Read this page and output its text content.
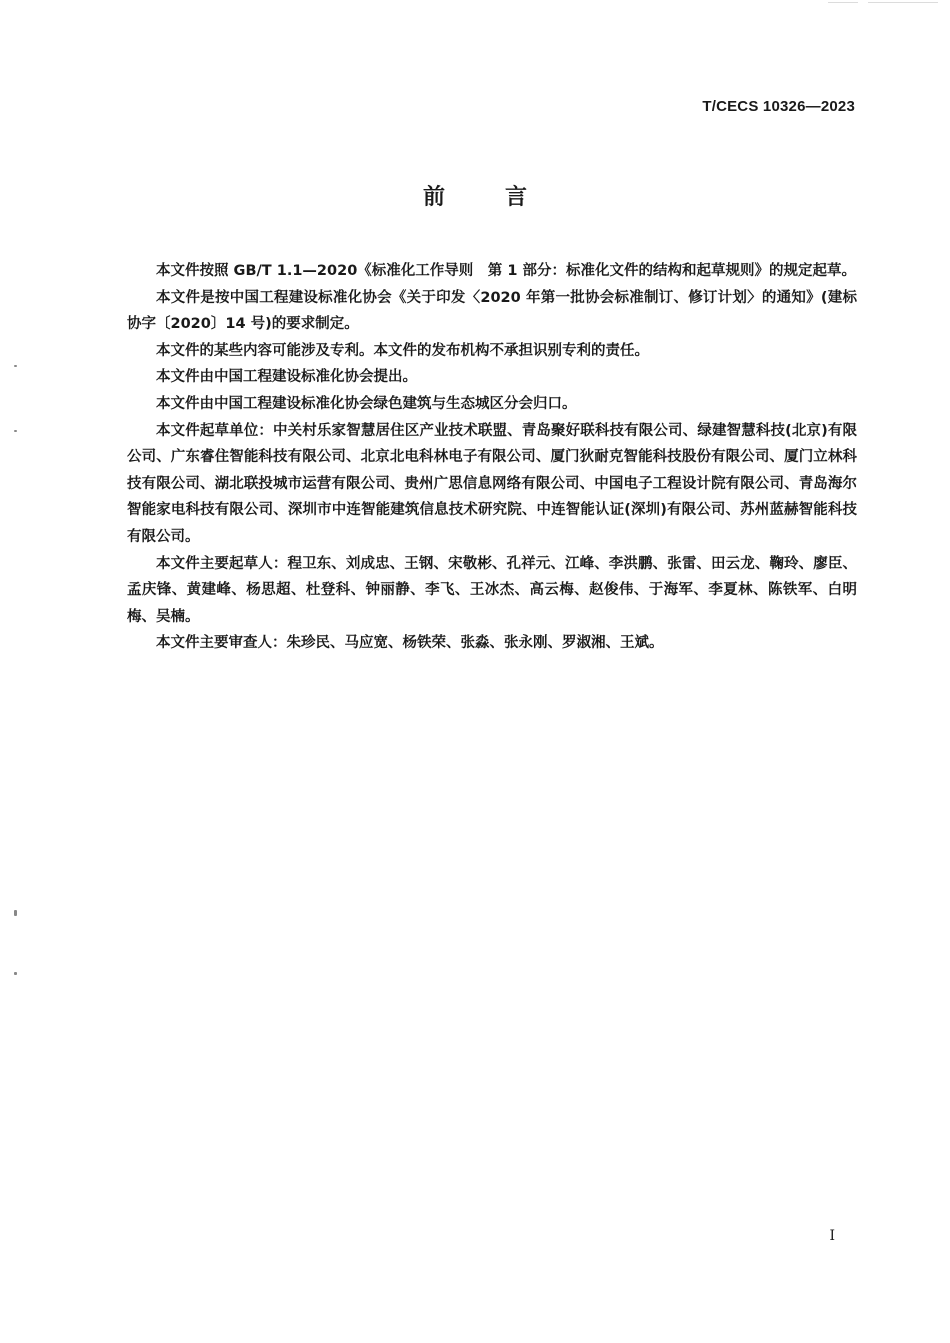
T/CECS 10326—2023
前	言

本文件按照 GB/T 1.1—2020《标准化工作导则　第 1 部分：标准化文件的结构和起草规则》的规定起草。

本文件是按中国工程建设标准化协会《关于印发〈2020 年第一批协会标准制订、修订计划〉的通知》(建标协字〔2020〕14 号)的要求制定。

本文件的某些内容可能涉及专利。本文件的发布机构不承担识别专利的责任。

本文件由中国工程建设标准化协会提出。

本文件由中国工程建设标准化协会绿色建筑与生态城区分会归口。

本文件起草单位：中关村乐家智慧居住区产业技术联盟、青岛聚好联科技有限公司、绿建智慧科技(北京)有限公司、广东睿住智能科技有限公司、北京北电科林电子有限公司、厦门狄耐克智能科技股份有限公司、厦门立林科技有限公司、湖北联投城市运营有限公司、贵州广思信息网络有限公司、中国电子工程设计院有限公司、青岛海尔智能家电科技有限公司、深圳市中连智能建筑信息技术研究院、中连智能认证(深圳)有限公司、苏州蓝赫智能科技有限公司。

本文件主要起草人：程卫东、刘成忠、王钢、宋敬彬、孔祥元、江峰、李洪鹏、张雷、田云龙、鞠玲、廖臣、孟庆锋、黄建峰、杨思超、杜登科、钟丽静、李飞、王冰杰、高云梅、赵俊伟、于海军、李夏林、陈铁军、白明梅、吴楠。

本文件主要审查人：朱珍民、马应宽、杨铁荣、张淼、张永刚、罗淑湘、王斌。

I
